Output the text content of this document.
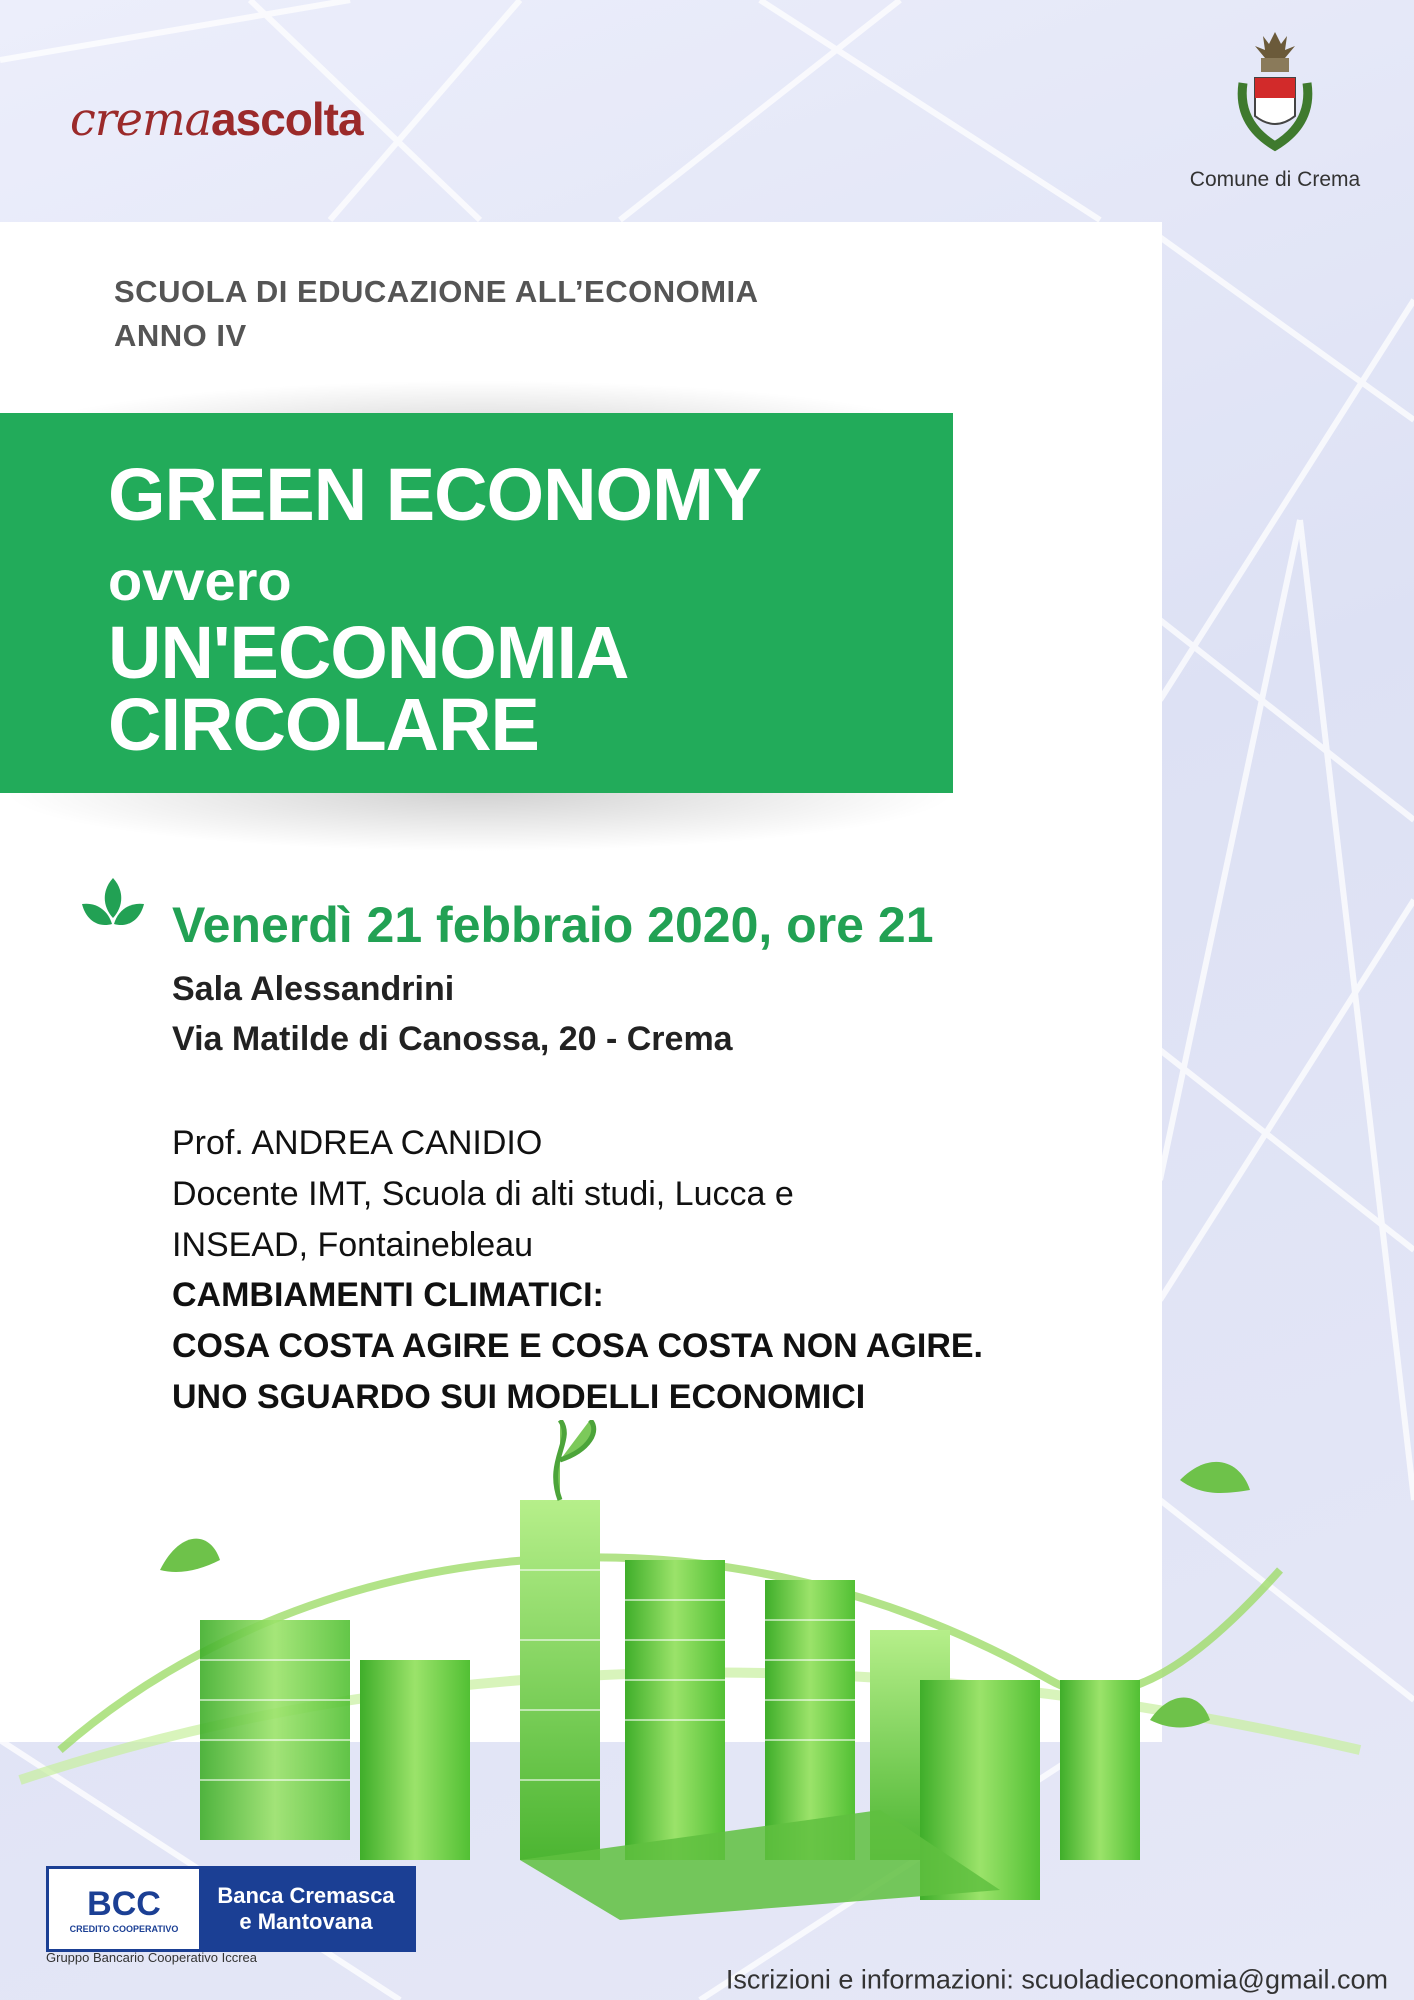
cremaascolta
Comune di Crema
SCUOLA DI EDUCAZIONE ALL’ECONOMIA
ANNO IV
GREEN ECONOMY
ovvero
UN'ECONOMIA
CIRCOLARE
Venerdì 21 febbraio 2020, ore 21
Sala Alessandrini
Via Matilde di Canossa, 20 - Crema
Prof. ANDREA CANIDIO
Docente IMT, Scuola di alti studi, Lucca e
INSEAD, Fontainebleau
CAMBIAMENTI CLIMATICI:
COSA COSTA AGIRE E COSA COSTA NON AGIRE.
UNO SGUARDO SUI MODELLI ECONOMICI
BCC
CREDITO COOPERATIVO
Banca Cremasca
e Mantovana
Gruppo Bancario Cooperativo Iccrea
Iscrizioni e informazioni: scuoladieconomia@gmail.com
